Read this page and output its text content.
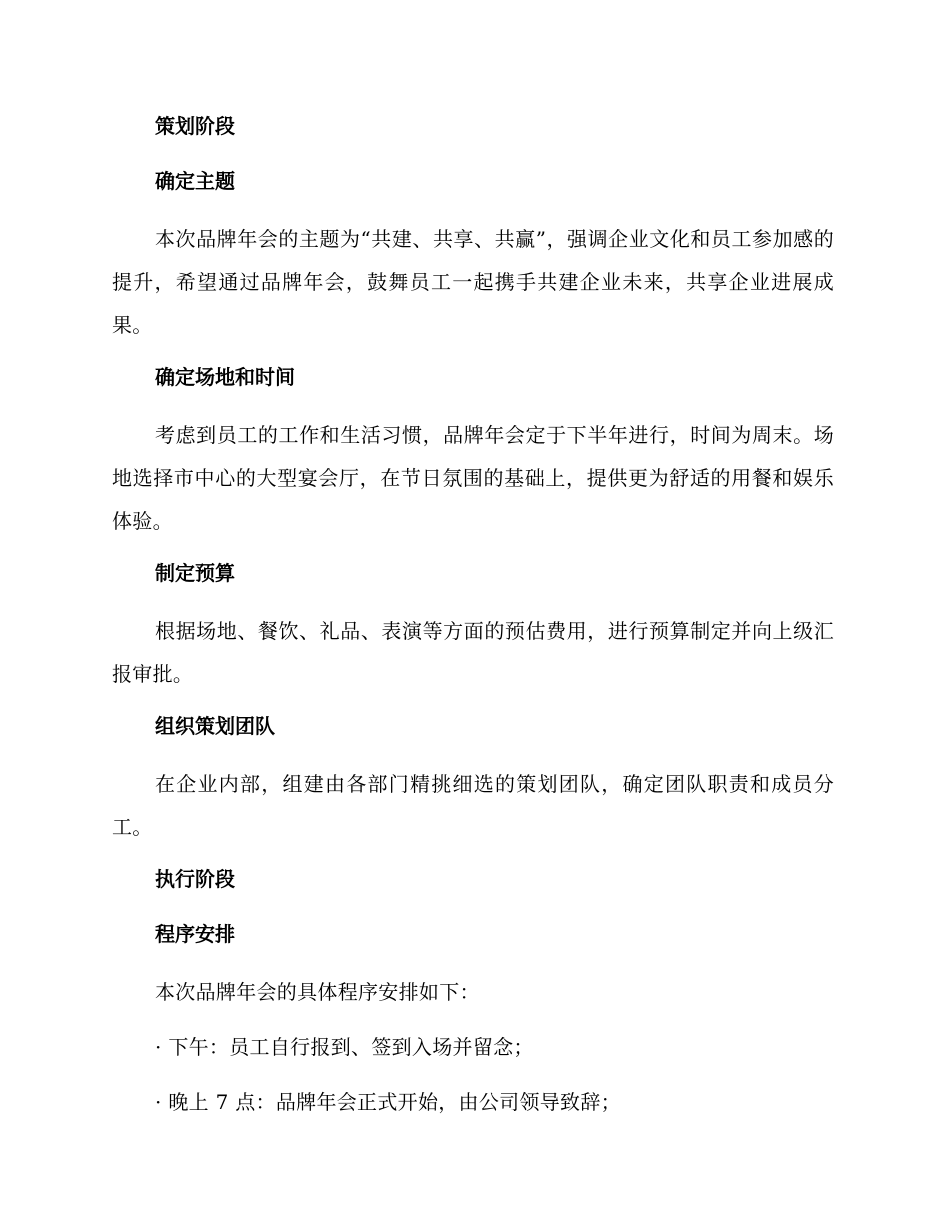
策划阶段
确定主题

本次品牌年会的主题为“共建、共享、共赢”，强调企业文化和员工参加感的提升，希望通过品牌年会，鼓舞员工一起携手共建企业未来，共享企业进展成果。

确定场地和时间

考虑到员工的工作和生活习惯，品牌年会定于下半年进行，时间为周末。场地选择市中心的大型宴会厅，在节日氛围的基础上，提供更为舒适的用餐和娱乐体验。

制定预算

根据场地、餐饮、礼品、表演等方面的预估费用，进行预算制定并向上级汇报审批。

组织策划团队

在企业内部，组建由各部门精挑细选的策划团队，确定团队职责和成员分工。

执行阶段
程序安排

本次品牌年会的具体程序安排如下：

· 下午：员工自行报到、签到入场并留念；

· 晚上 7 点：品牌年会正式开始，由公司领导致辞；
